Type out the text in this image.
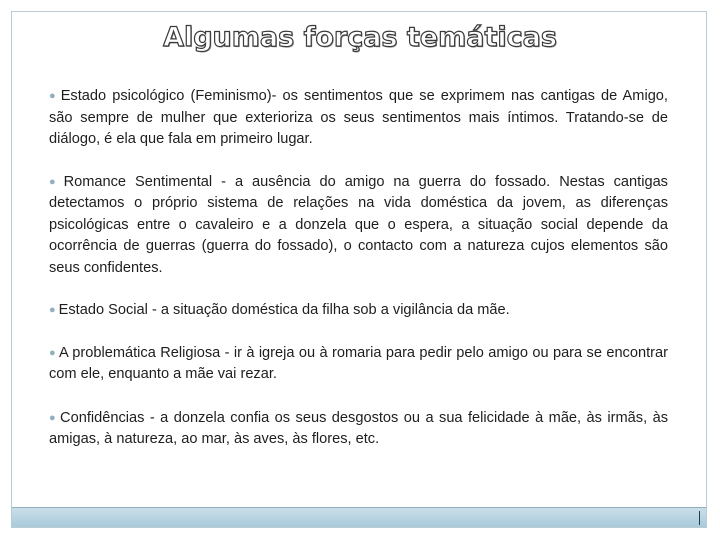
Algumas forças temáticas

● Estado psicológico (Feminismo)- os sentimentos que se exprimem nas cantigas de Amigo, são sempre de mulher que exterioriza os seus sentimentos mais íntimos. Tratando-se de diálogo, é ela que fala em primeiro lugar.

● Romance Sentimental - a ausência do amigo na guerra do fossado. Nestas cantigas detectamos o próprio sistema de relações na vida doméstica da jovem, as diferenças psicológicas entre o cavaleiro e a donzela que o espera, a situação social depende da ocorrência de guerras (guerra do fossado), o contacto com a natureza cujos elementos são seus confidentes.

● Estado Social - a situação doméstica da filha sob a vigilância da mãe.

● A problemática Religiosa - ir à igreja ou à romaria para pedir pelo amigo ou para se encontrar com ele, enquanto a mãe vai rezar.

● Confidências - a donzela confia os seus desgostos ou a sua felicidade à mãe, às irmãs, às amigas, à natureza, ao mar, às aves, às flores, etc.
